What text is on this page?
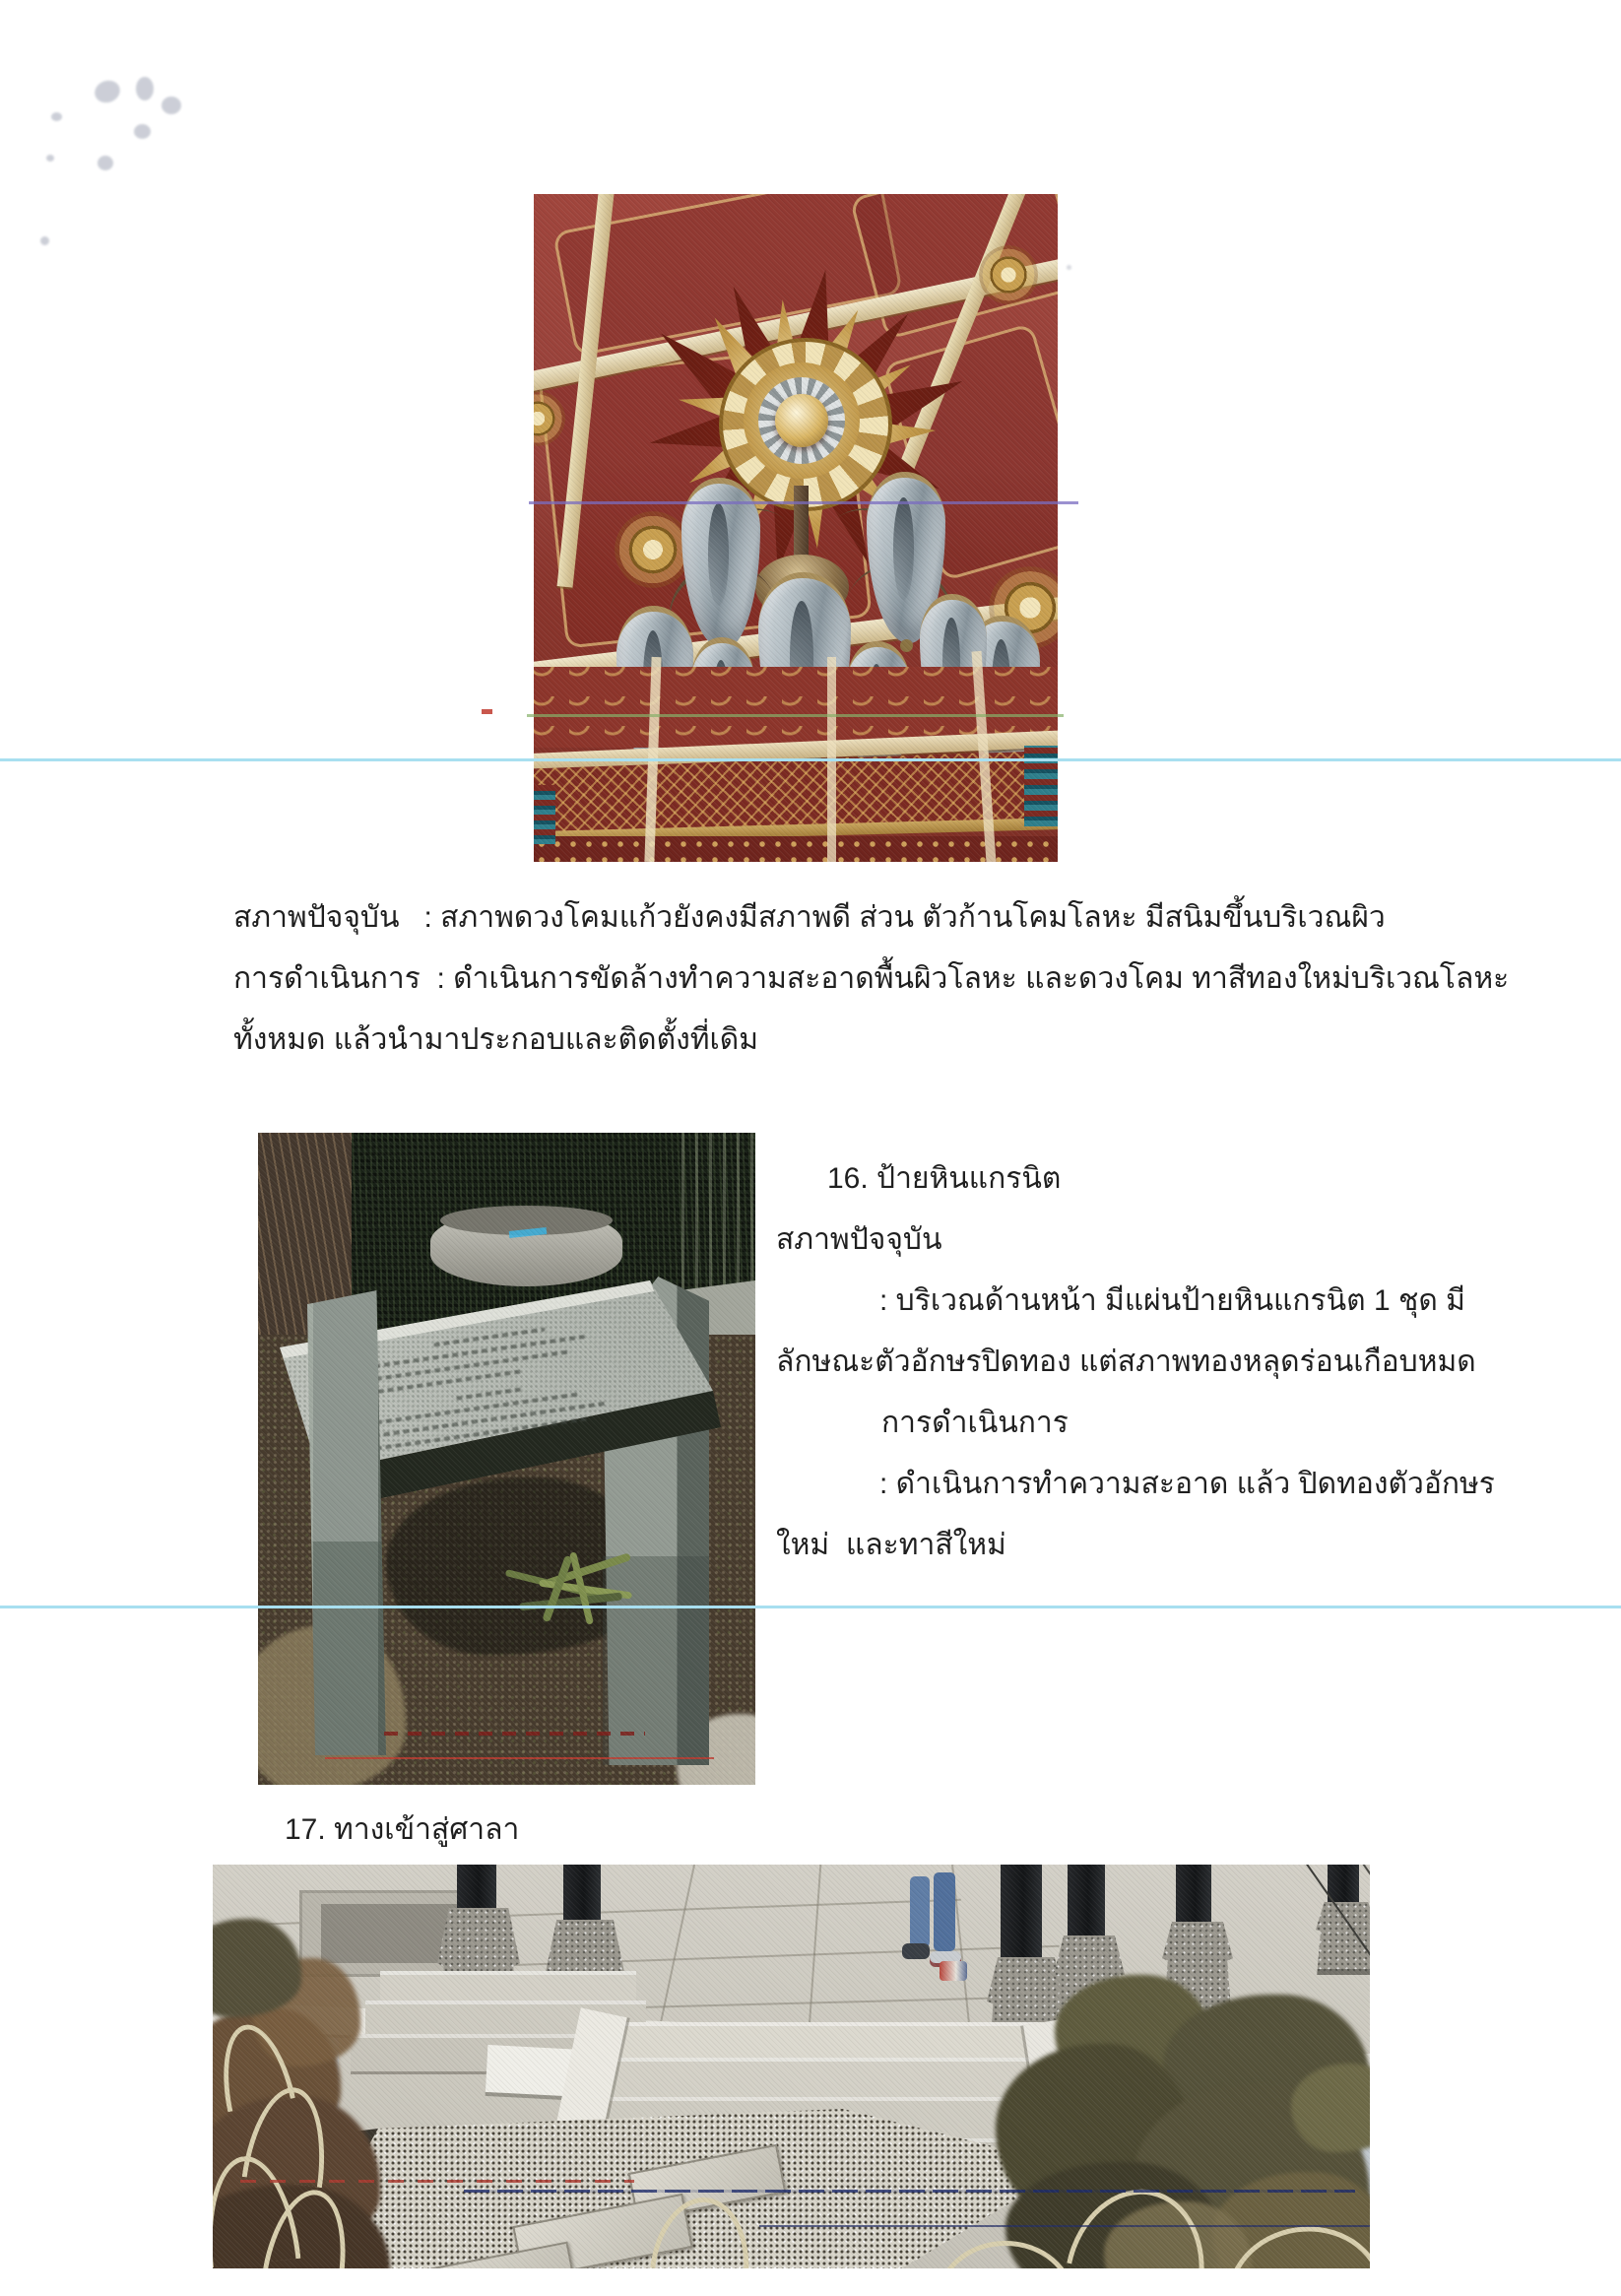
สภาพปัจจุบัน   : สภาพดวงโคมแก้วยังคงมีสภาพดี ส่วน ตัวก้านโคมโลหะ มีสนิมขึ้นบริเวณผิว
การดำเนินการ  : ดำเนินการขัดล้างทำความสะอาดพื้นผิวโลหะ และดวงโคม ทาสีทองใหม่บริเวณโลหะ
ทั้งหมด แล้วนำมาประกอบและติดตั้งที่เดิม
16. ป้ายหินแกรนิต
สภาพปัจจุบัน
: บริเวณด้านหน้า มีแผ่นป้ายหินแกรนิต 1 ชุด มี
ลักษณะตัวอักษรปิดทอง แต่สภาพทองหลุดร่อนเกือบหมด
การดำเนินการ
: ดำเนินการทำความสะอาด แล้ว ปิดทองตัวอักษร
ใหม่  และทาสีใหม่
17. ทางเข้าสู่ศาลา
